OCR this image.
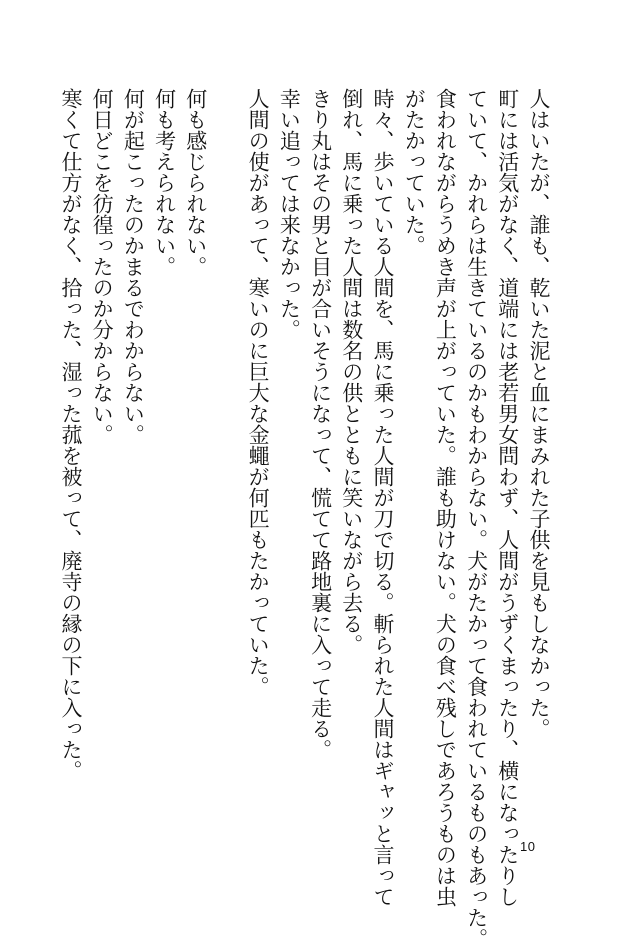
人はいたが、誰も、乾いた泥と血にまみれた子供を見もしなかった。
町には活気がなく、道端には老若男女問わず、人間がうずくまったり、横になったりし
ていて、かれらは生きているのかもわからない。犬がたかって食われているものもあった。
食われながらうめき声が上がっていた。誰も助けない。犬の食べ残しであろうものは虫
がたかっていた。
時々、歩いている人間を、馬に乗った人間が刀で切る。斬られた人間はギャッと言って
倒れ、馬に乗った人間は数名の供とともに笑いながら去る。
きり丸はその男と目が合いそうになって、慌てて路地裏に入って走る。
幸い追っては来なかった。
人間の使があって、寒いのに巨大な金蠅が何匹もたかっていた。
何も感じられない。
何も考えられない。
何が起こったのかまるでわからない。
何日どこを彷徨ったのか分からない。
寒くて仕方がなく、拾った、湿った菰を被って、廃寺の縁の下に入った。
10
